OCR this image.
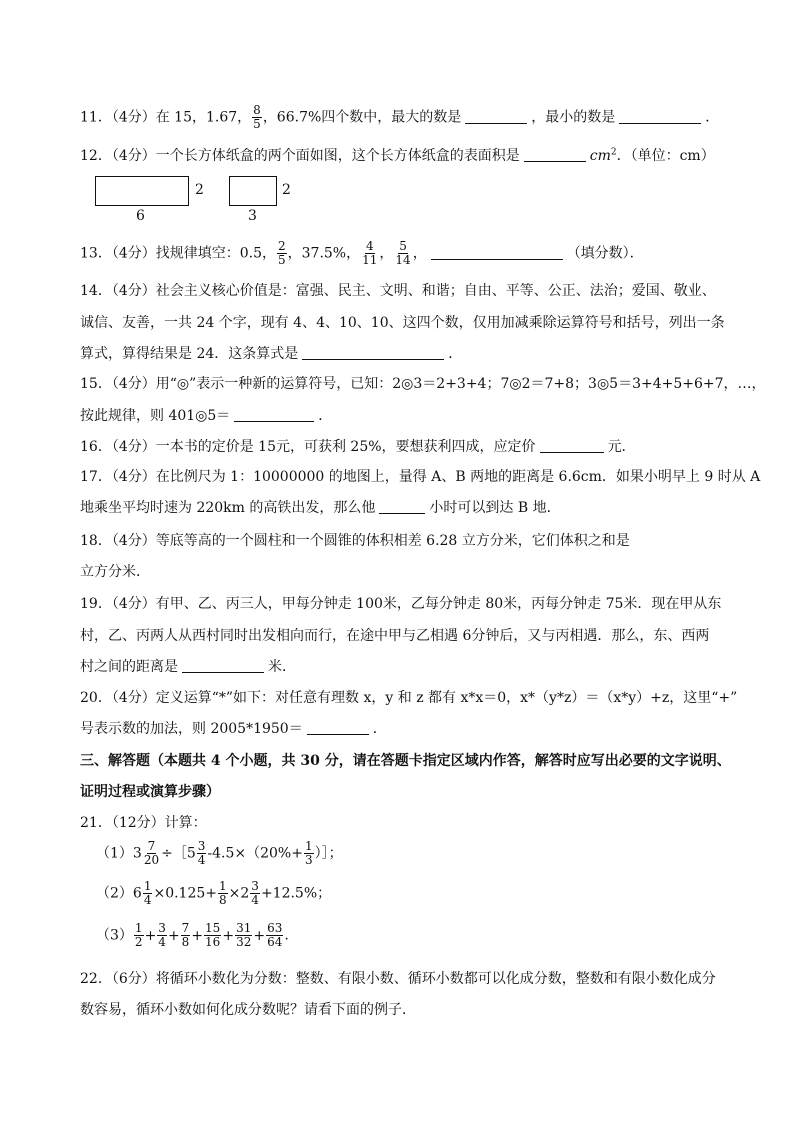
11．（4分）在 15，1.67， $\frac{8}{5}$ ，66.7%四个数中，最大的数是	，最小的数是	．
12．（4分）一个长方体纸盒的两个面如图，这个长方体纸盒的表面积是	$cm^2$．（单位：cm）
2
6
2
3
13．（4分）找规律填空：0.5， $\frac{2}{5}$ ，37.5%， $\frac{4}{11}$ ， $\frac{5}{14}$ ，	（填分数）．
14．（4分）社会主义核心价值是：富强、民主、文明、和谐；自由、平等、公正、法治；爱国、敬业、
诚信、友善，一共 24 个字，现有 4、4、10、10、这四个数，仅用加减乘除运算符号和括号，列出一条
算式，算得结果是 24．这条算式是	．
15．（4分）用“◎”表示一种新的运算符号，已知：2◎3＝2+3+4；7◎2＝7+8；3◎5＝3+4+5+6+7，…，
按此规律，则 401◎5＝	．
16．（4分）一本书的定价是 15元，可获利 25%，要想获利四成，应定价	元．
17．（4分）在比例尺为 1：10000000 的地图上，量得 A、B 两地的距离是 6.6cm．如果小明早上 9 时从 A
地乘坐平均时速为 220km 的高铁出发，那么他	小时可以到达 B 地．
18．（4分）等底等高的一个圆柱和一个圆锥的体积相差 6.28 立方分米，它们体积之和是
立方分米．
19．（4分）有甲、乙、丙三人，甲每分钟走 100米，乙每分钟走 80米，丙每分钟走 75米．现在甲从东
村，乙、丙两人从西村同时出发相向而行，在途中甲与乙相遇 6分钟后，又与丙相遇．那么，东、西两
村之间的距离是	米．
20．（4分）定义运算“*”如下：对任意有理数 x，y 和 z 都有 x*x＝0，x*（y*z）＝（x*y）+z，这里“+”
号表示数的加法，则 2005*1950＝	．
三、解答题（本题共 4 个小题，共 30 分，请在答题卡指定区域内作答，解答时应写出必要的文字说明、
证明过程或演算步骤）
21．（12分）计算：
$(1)3 \frac{7}{20}$ ÷［5 $\frac{3}{4} -4.5\times(20\%+ \frac{1}{3}$ ）］；
$(2)6 \frac{1}{4} \times 0.125+ \frac{1}{8} \times 2 \frac{3}{4} +12.5\%$；
$(3) \frac{1}{2} + \frac{3}{4} + \frac{7}{8} + \frac{15}{16} + \frac{31}{32} + \frac{63}{64}$ .
22．（6分）将循环小数化为分数：整数、有限小数、循环小数都可以化成分数，整数和有限小数化成分
数容易，循环小数如何化成分数呢？请看下面的例子．
